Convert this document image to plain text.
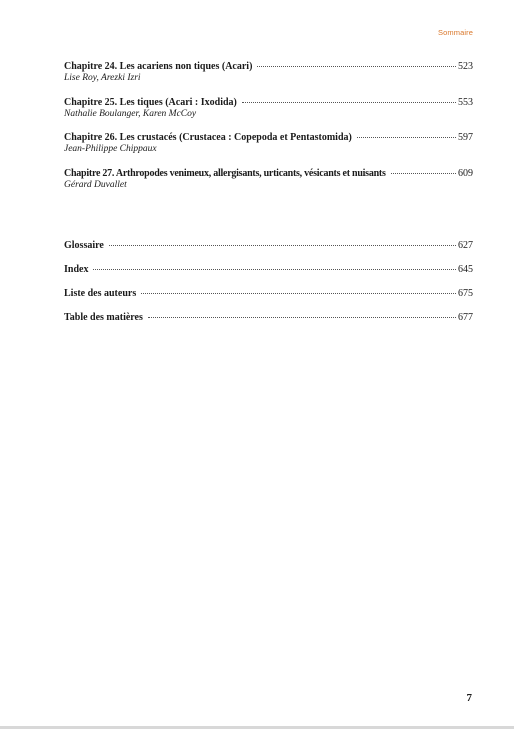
Sommaire
Chapitre 24. Les acariens non tiques (Acari)	523
Lise Roy, Arezki Izri
Chapitre 25. Les tiques (Acari : Ixodida)	553
Nathalie Boulanger, Karen McCoy
Chapitre 26. Les crustacés (Crustacea : Copepoda et Pentastomida)	597
Jean-Philippe Chippaux
Chapitre 27. Arthropodes venimeux, allergisants, urticants, vésicants et nuisants	609
Gérard Duvallet
Glossaire	627
Index	645
Liste des auteurs	675
Table des matières	677
7
